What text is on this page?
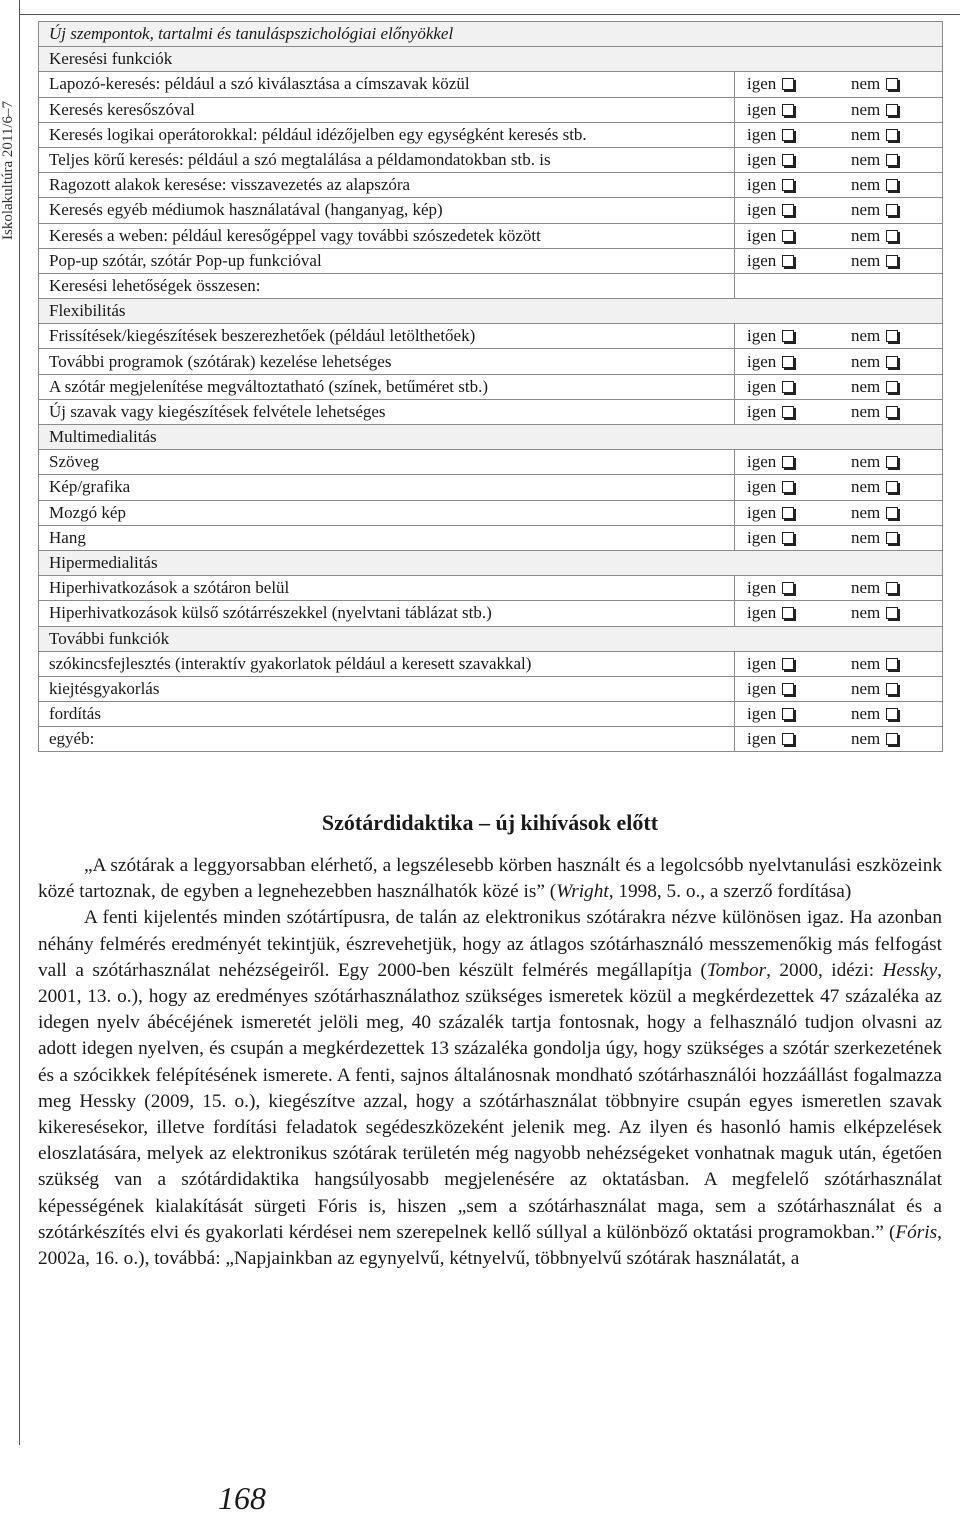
Iskolakultúra 2011/6–7
Új szempontok, tartalmi és tanuláspszichológiai előnyökkel	
Keresési funkciók	
Lapozó-keresés: például a szó kiválasztása a címszavak közül	igen nem

Keresés keresőszóval	igen nem

Keresés logikai operátorokkal: például idézőjelben egy egységként keresés stb.	igen nem

Teljes körű keresés: például a szó megtalálása a példamondatokban stb. is	igen nem

Ragozott alakok keresése: visszavezetés az alapszóra	igen nem

Keresés egyéb médiumok használatával (hanganyag, kép)	igen nem

Keresés a weben: például keresőgéppel vagy további szószedetek között	igen nem

Pop-up szótár, szótár Pop-up funkcióval	igen nem

Keresési lehetőségek összesen:	
Flexibilitás	
Frissítések/kiegészítések beszerezhetőek (például letölthetőek)	igen nem

További programok (szótárak) kezelése lehetséges	igen nem

A szótár megjelenítése megváltoztatható (színek, betűméret stb.)	igen nem

Új szavak vagy kiegészítések felvétele lehetséges	igen nem

Multimedialitás	
Szöveg	igen nem

Kép/grafika	igen nem

Mozgó kép	igen nem

Hang	igen nem

Hipermedialitás	
Hiperhivatkozások a szótáron belül	igen nem

Hiperhivatkozások külső szótárrészekkel (nyelvtani táblázat stb.)	igen nem

További funkciók	
szókincsfejlesztés (interaktív gyakorlatok például a keresett szavakkal)	igen nem

kiejtésgyakorlás	igen nem

fordítás	igen nem

egyéb:	igen nem
Szótárdidaktika – új kihívások előtt

„A szótárak a leggyorsabban elérhető, a legszélesebb körben használt és a legolcsóbb nyelvtanulási eszközeink közé tartoznak, de egyben a legnehezebben használhatók közé is” (Wright, 1998, 5. o., a szerző fordítása)

A fenti kijelentés minden szótártípusra, de talán az elektronikus szótárakra nézve különösen igaz. Ha azonban néhány felmérés eredményét tekintjük, észrevehetjük, hogy az átlagos szótárhasználó messzemenőkig más felfogást vall a szótárhasználat nehézségeiről. Egy 2000-ben készült felmérés megállapítja (Tombor, 2000, idézi: Hessky, 2001, 13. o.), hogy az eredményes szótárhasználathoz szükséges ismeretek közül a megkérdezettek 47 százaléka az idegen nyelv ábécéjének ismeretét jelöli meg, 40 százalék tartja fontosnak, hogy a felhasználó tudjon olvasni az adott idegen nyelven, és csupán a megkérdezettek 13 százaléka gondolja úgy, hogy szükséges a szótár szerkezetének és a szócikkek felépítésének ismerete. A fenti, sajnos általánosnak mondható szótárhasználói hozzáállást fogalmazza meg Hessky (2009, 15. o.), kiegészítve azzal, hogy a szótárhasználat többnyire csupán egyes ismeretlen szavak kikeresésekor, illetve fordítási feladatok segédeszközeként jelenik meg. Az ilyen és hasonló hamis elképzelések eloszlatására, melyek az elektronikus szótárak területén még nagyobb nehézségeket vonhatnak maguk után, égetően szükség van a szótárdidaktika hangsúlyosabb megjelenésére az oktatásban. A megfelelő szótárhasználat képességének kialakítását sürgeti Fóris is, hiszen „sem a szótárhasználat maga, sem a szótárhasználat és a szótárkészítés elvi és gyakorlati kérdései nem szerepelnek kellő súllyal a különböző oktatási programokban.” (Fóris, 2002a, 16. o.), továbbá: „Napjainkban az egynyelvű, kétnyelvű, többnyelvű szótárak használatát, a

168
